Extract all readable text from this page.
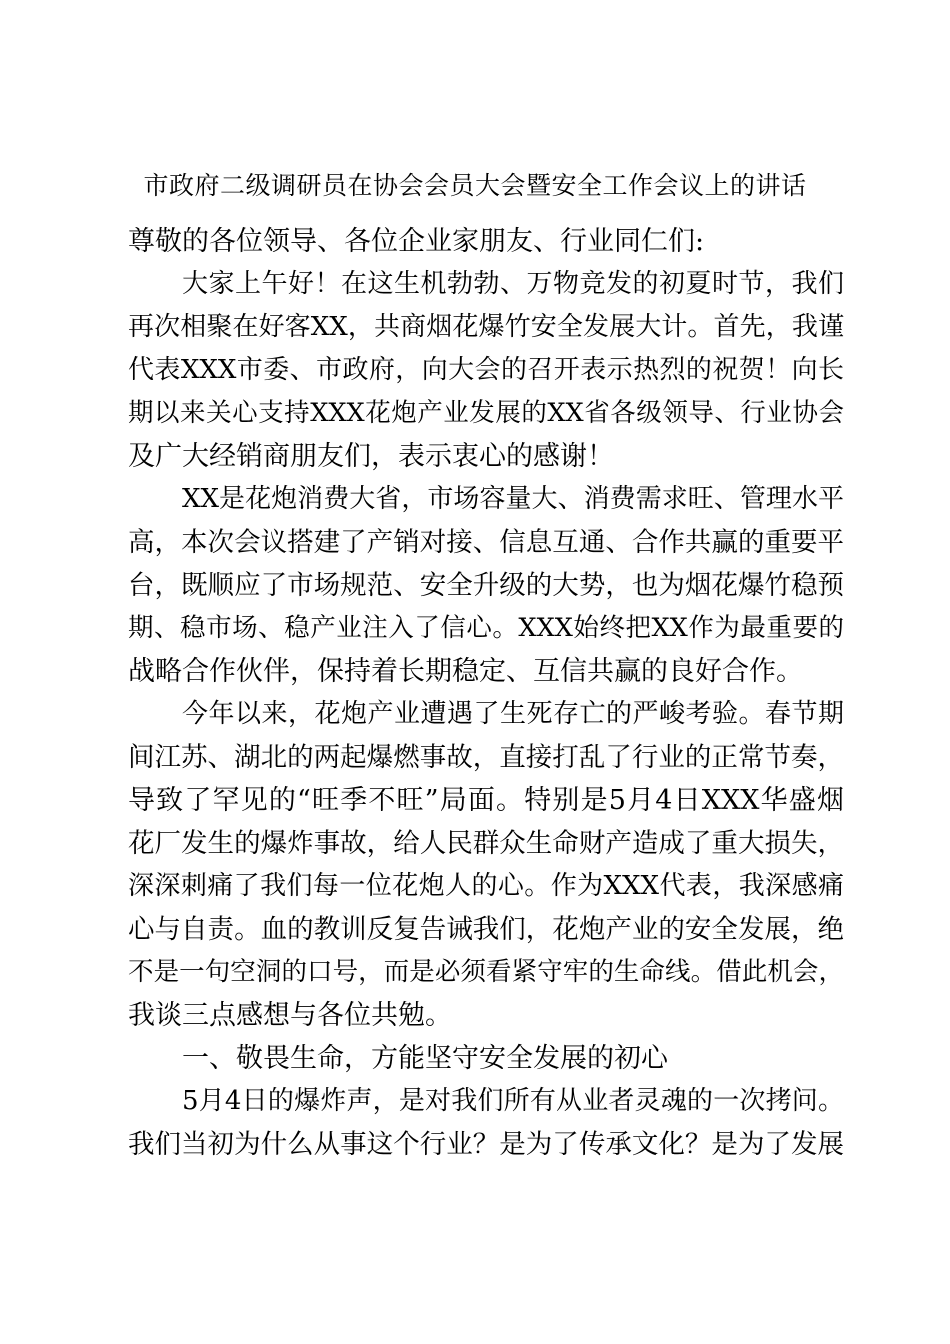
市政府二级调研员在协会会员大会暨安全工作会议上的讲话
尊敬的各位领导、各位企业家朋友、行业同仁们:
大家上午好！在这生机勃勃、万物竞发的初夏时节，我们
再次相聚在好客XX，共商烟花爆竹安全发展大计。首先，我谨
代表XXX市委、市政府，向大会的召开表示热烈的祝贺！向长
期以来关心支持XXX花炮产业发展的XX省各级领导、行业协会
及广大经销商朋友们，表示衷心的感谢！
XX是花炮消费大省，市场容量大、消费需求旺、管理水平
高，本次会议搭建了产销对接、信息互通、合作共赢的重要平
台，既顺应了市场规范、安全升级的大势，也为烟花爆竹稳预
期、稳市场、稳产业注入了信心。XXX始终把XX作为最重要的
战略合作伙伴，保持着长期稳定、互信共赢的良好合作。
今年以来，花炮产业遭遇了生死存亡的严峻考验。春节期
间江苏、湖北的两起爆燃事故，直接打乱了行业的正常节奏，
导致了罕见的“旺季不旺”局面。特别是5月4日XXX华盛烟
花厂发生的爆炸事故，给人民群众生命财产造成了重大损失，
深深刺痛了我们每一位花炮人的心。作为XXX代表，我深感痛
心与自责。血的教训反复告诫我们，花炮产业的安全发展，绝
不是一句空洞的口号，而是必须看紧守牢的生命线。借此机会，
我谈三点感想与各位共勉。
一、敬畏生命，方能坚守安全发展的初心
5月4日的爆炸声，是对我们所有从业者灵魂的一次拷问。
我们当初为什么从事这个行业？是为了传承文化？是为了发展
